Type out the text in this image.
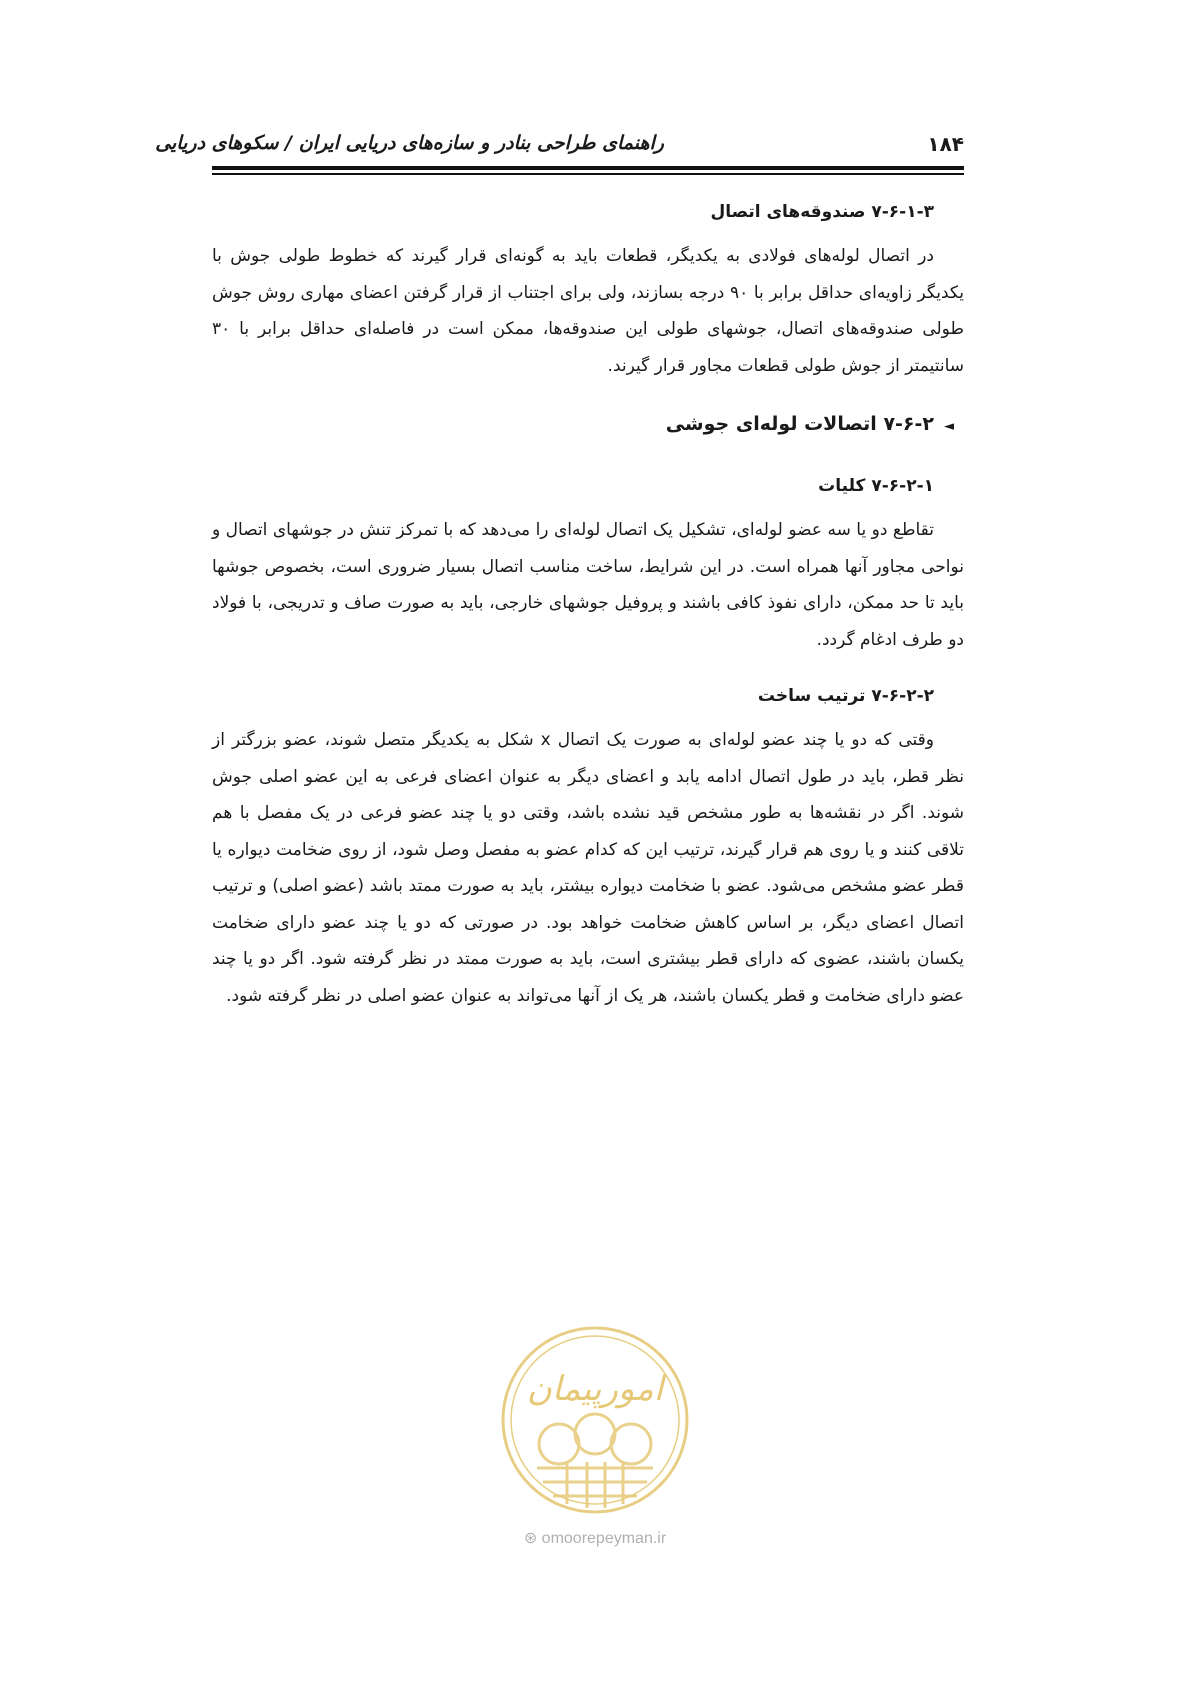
راهنمای طراحی بنادر و سازه‌های دریایی ایران / سکوهای دریایی	۱۸۴
۷-۶-۱-۳ صندوقه‌های اتصال

در اتصال لوله‌های فولادی به یکدیگر، قطعات باید به گونه‌ای قرار گیرند که خطوط طولی جوش با یکدیگر زاویه‌ای حداقل برابر با ۹۰ درجه بسازند، ولی برای اجتناب از قرار گرفتن اعضای مهاری روش جوش طولی صندوقه‌های اتصال، جوشهای طولی این صندوقه‌ها، ممکن است در فاصله‌ای حداقل برابر با ۳۰ سانتیمتر از جوش طولی قطعات مجاور قرار گیرند.

◄۷-۶-۲ اتصالات لوله‌ای جوشی
۷-۶-۲-۱ کلیات

تقاطع دو یا سه عضو لوله‌ای، تشکیل یک اتصال لوله‌ای را می‌دهد که با تمرکز تنش در جوشهای اتصال و نواحی مجاور آنها همراه است. در این شرایط، ساخت مناسب اتصال بسیار ضروری است، بخصوص جوشها باید تا حد ممکن، دارای نفوذ کافی باشند و پروفیل جوشهای خارجی، باید به صورت صاف و تدریجی، با فولاد دو طرف ادغام گردد.

۷-۶-۲-۲ ترتیب ساخت

وقتی که دو یا چند عضو لوله‌ای به صورت یک اتصال x شکل به یکدیگر متصل شوند، عضو بزرگتر از نظر قطر، باید در طول اتصال ادامه یابد و اعضای دیگر به عنوان اعضای فرعی به این عضو اصلی جوش شوند. اگر در نقشه‌ها به طور مشخص قید نشده باشد، وقتی دو یا چند عضو فرعی در یک مفصل با هم تلاقی کنند و یا روی هم قرار گیرند، ترتیب این که کدام عضو به مفصل وصل شود، از روی ضخامت دیواره یا قطر عضو مشخص می‌شود. عضو با ضخامت دیواره بیشتر، باید به صورت ممتد باشد (عضو اصلی) و ترتیب اتصال اعضای دیگر، بر اساس کاهش ضخامت خواهد بود. در صورتی که دو یا چند عضو دارای ضخامت یکسان باشند، عضوی که دارای قطر بیشتری است، باید به صورت ممتد در نظر گرفته شود. اگر دو یا چند عضو دارای ضخامت و قطر یکسان باشند، هر یک از آنها می‌تواند به عنوان عضو اصلی در نظر گرفته شود.

امورپیمان
⊛ omoorepeyman.ir
